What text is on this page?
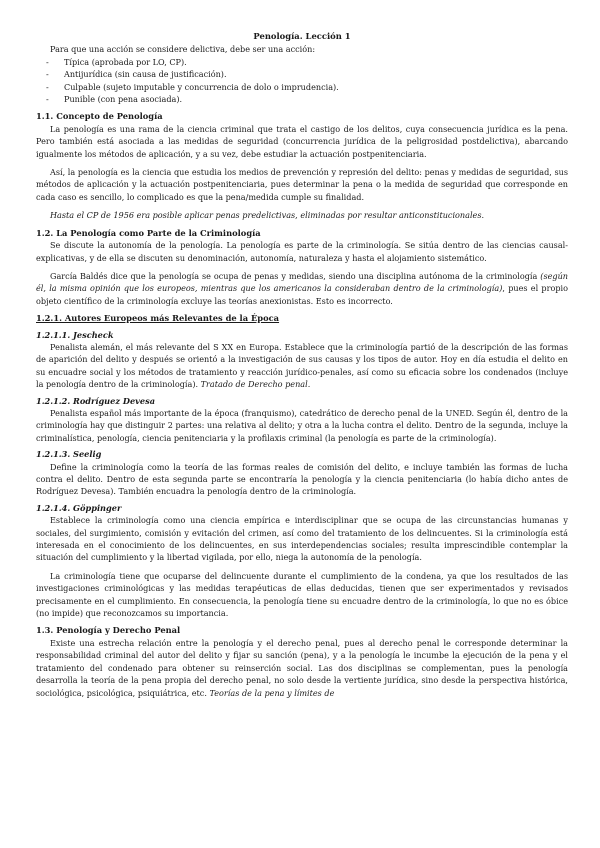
Penología. Lección 1
Para que una acción se considere delictiva, debe ser una acción:
- Típica (aprobada por LO, CP).
- Antijurídica (sin causa de justificación).
- Culpable (sujeto imputable y concurrencia de dolo o imprudencia).
- Punible (con pena asociada).
1.1. Concepto de Penología

La penología es una rama de la ciencia criminal que trata el castigo de los delitos, cuya consecuencia jurídica es la pena. Pero también está asociada a las medidas de seguridad (concurrencia jurídica de la peligrosidad postdelictiva), abarcando igualmente los métodos de aplicación, y a su vez, debe estudiar la actuación postpenitenciaria.

Así, la penología es la ciencia que estudia los medios de prevención y represión del delito: penas y medidas de seguridad, sus métodos de aplicación y la actuación postpenitenciaria, pues determinar la pena o la medida de seguridad que corresponde en cada caso es sencillo, lo complicado es que la pena/medida cumple su finalidad.

Hasta el CP de 1956 era posible aplicar penas predelictivas, eliminadas por resultar anticonstitucionales.

1.2. La Penología como Parte de la Criminología

Se discute la autonomía de la penología. La penología es parte de la criminología. Se sitúa dentro de las ciencias causal-explicativas, y de ella se discuten su denominación, autonomía, naturaleza y hasta el alojamiento sistemático.

García Baldés dice que la penología se ocupa de penas y medidas, siendo una disciplina autónoma de la criminología (según él, la misma opinión que los europeos, mientras que los americanos la consideraban dentro de la criminología), pues el propio objeto científico de la criminología excluye las teorías anexionistas. Esto es incorrecto.

1.2.1. Autores Europeos más Relevantes de la Época
1.2.1.1. Jescheck

Penalista alemán, el más relevante del S XX en Europa. Establece que la criminología partió de la descripción de las formas de aparición del delito y después se orientó a la investigación de sus causas y los tipos de autor. Hoy en día estudia el delito en su encuadre social y los métodos de tratamiento y reacción jurídico-penales, así como su eficacia sobre los condenados (incluye la penología dentro de la criminología). Tratado de Derecho penal.

1.2.1.2. Rodríguez Devesa

Penalista español más importante de la época (franquismo), catedrático de derecho penal de la UNED. Según él, dentro de la criminología hay que distinguir 2 partes: una relativa al delito; y otra a la lucha contra el delito. Dentro de la segunda, incluye la criminalística, penología, ciencia penitenciaria y la profilaxis criminal (la penología es parte de la criminología).

1.2.1.3. Seelig

Define la criminología como la teoría de las formas reales de comisión del delito, e incluye también las formas de lucha contra el delito. Dentro de esta segunda parte se encontraría la penología y la ciencia penitenciaria (lo había dicho antes de Rodríguez Devesa). También encuadra la penología dentro de la criminología.

1.2.1.4. Göppinger

Establece la criminología como una ciencia empírica e interdisciplinar que se ocupa de las circunstancias humanas y sociales, del surgimiento, comisión y evitación del crimen, así como del tratamiento de los delincuentes. Si la criminología está interesada en el conocimiento de los delincuentes, en sus interdependencias sociales; resulta imprescindible contemplar la situación del cumplimiento y la libertad vigilada, por ello, niega la autonomía de la penología.

La criminología tiene que ocuparse del delincuente durante el cumplimiento de la condena, ya que los resultados de las investigaciones criminológicas y las medidas terapéuticas de ellas deducidas, tienen que ser experimentados y revisados precisamente en el cumplimiento. En consecuencia, la penología tiene su encuadre dentro de la criminología, lo que no es óbice (no impide) que reconozcamos su importancia.

1.3. Penología y Derecho Penal

Existe una estrecha relación entre la penología y el derecho penal, pues al derecho penal le corresponde determinar la responsabilidad criminal del autor del delito y fijar su sanción (pena), y a la penología le incumbe la ejecución de la pena y el tratamiento del condenado para obtener su reinserción social. Las dos disciplinas se complementan, pues la penología desarrolla la teoría de la pena propia del derecho penal, no solo desde la vertiente jurídica, sino desde la perspectiva histórica, sociológica, psicológica, psiquiátrica, etc. Teorías de la pena y límites de
